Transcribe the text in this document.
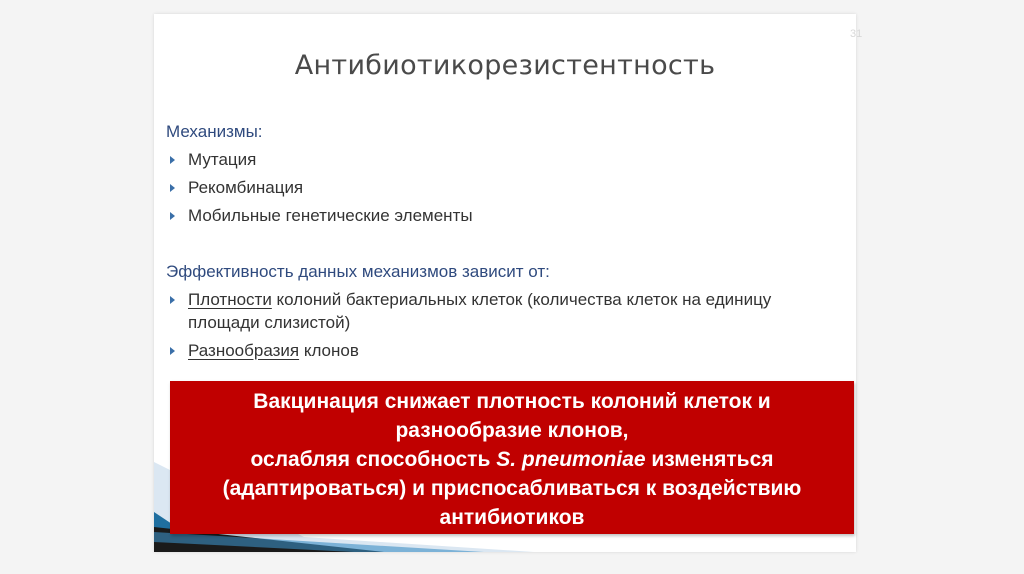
31
Антибиотикорезистентность
Механизмы:
Мутация
Рекомбинация
Мобильные генетические элементы
Эффективность данных механизмов зависит от:
Плотности колоний бактериальных клеток (количества клеток на единицу площади слизистой)
Разнообразия клонов
Вакцинация снижает плотность колоний клеток и
разнообразие клонов,
ослабляя способность S. pneumoniae изменяться
(адаптироваться) и приспосабливаться к воздействию
антибиотиков
